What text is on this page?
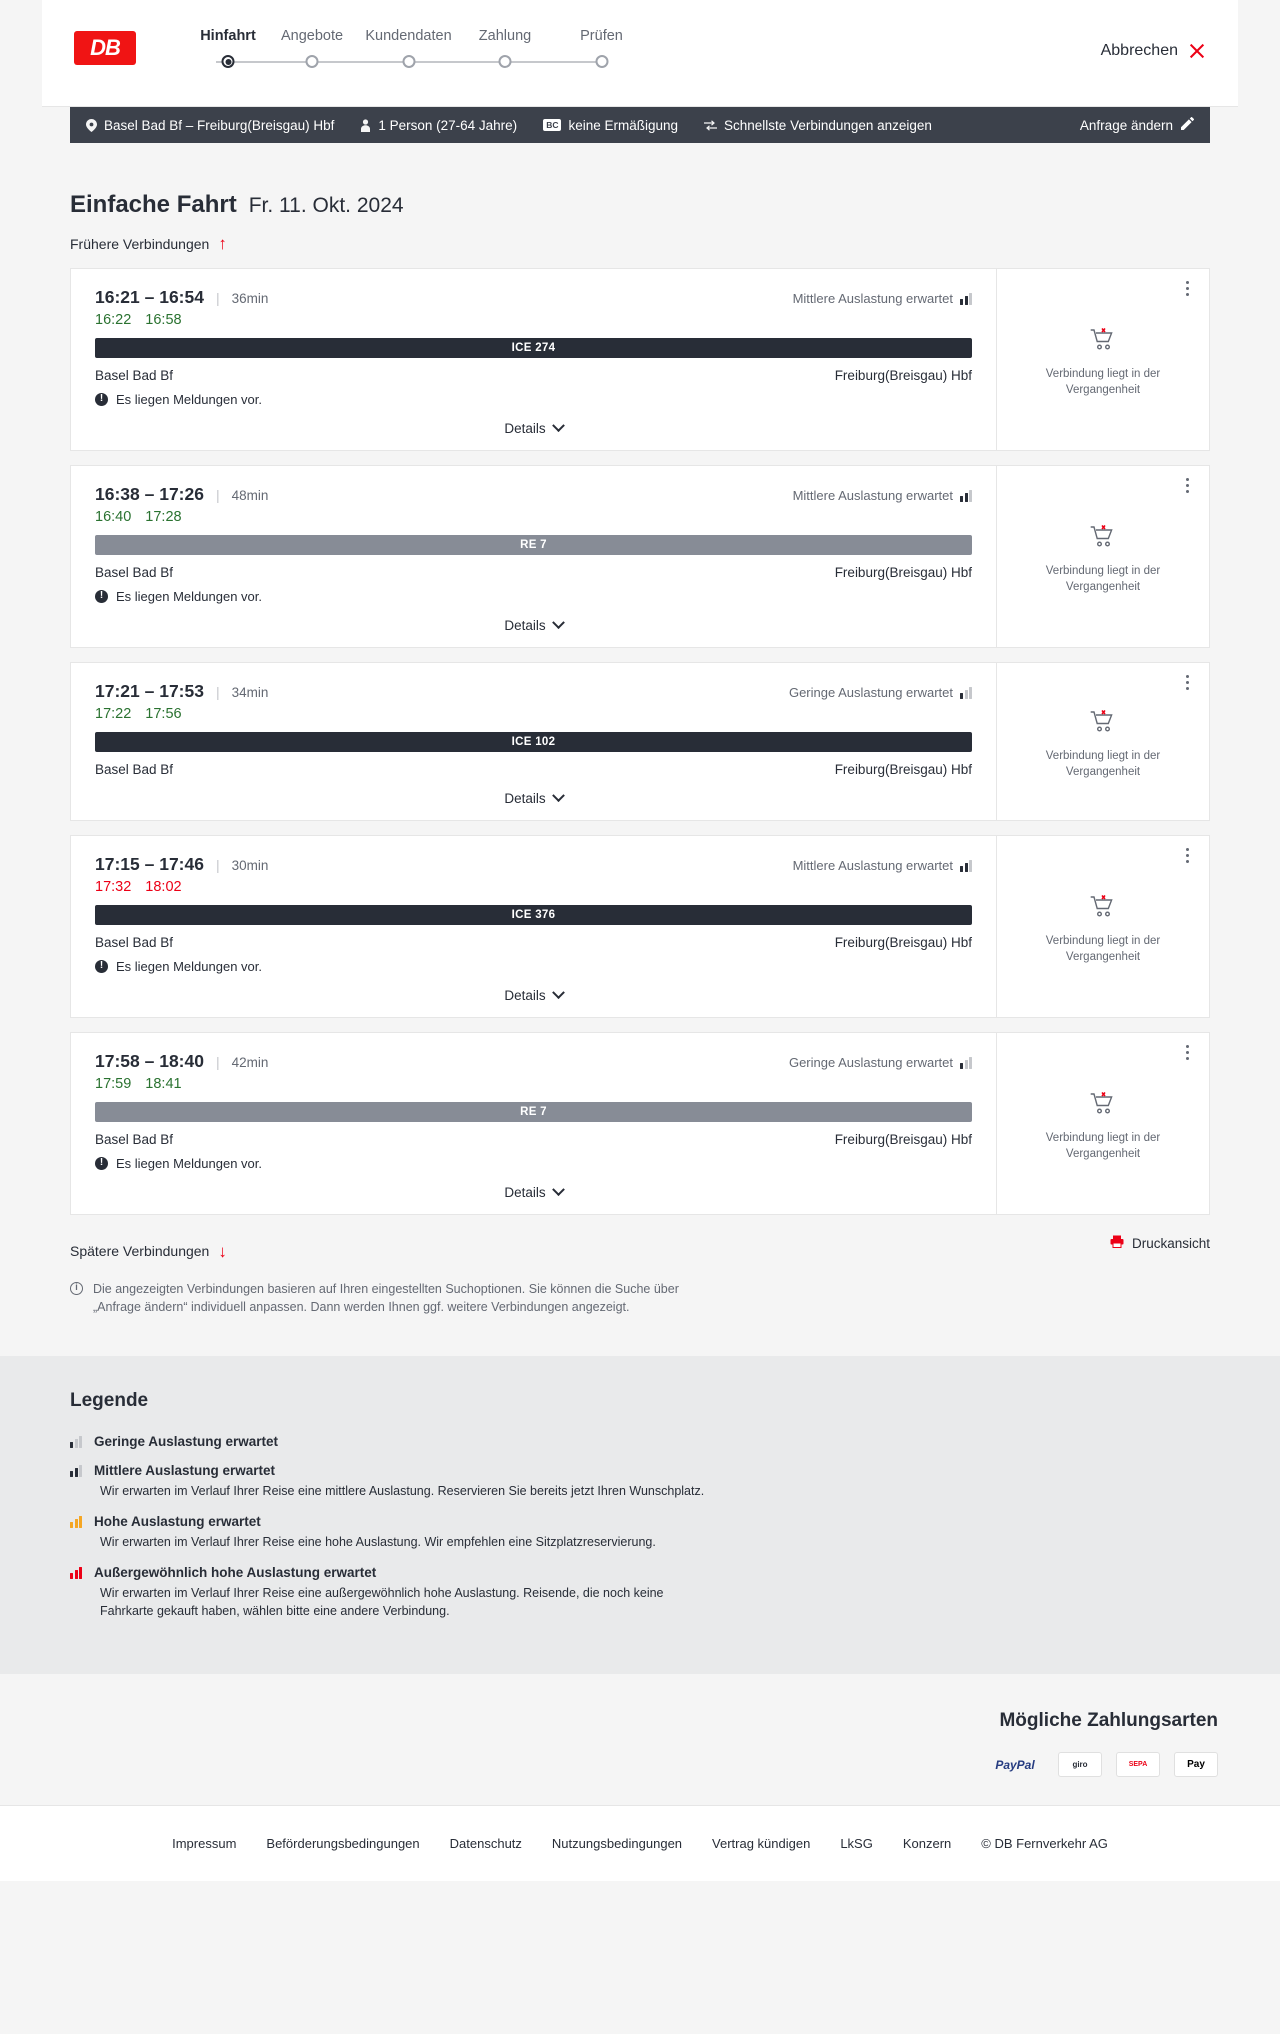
DB	Hinfahrt	Angebote	Kundendaten	Zahlung	Prüfen
Abbrechen
Basel Bad Bf – Freiburg(Breisgau) Hbf	1 Person (27-64 Jahre)	BC keine Ermäßigung	Schnellste Verbindungen anzeigen	Anfrage ändern
Einfache Fahrt Fr. 11. Okt. 2024
Frühere Verbindungen ↑
16:21 – 16:54 | 36min	Mittlere Auslastung erwartet
16:22 16:58
ICE 274
Basel Bad Bf	Freiburg(Breisgau) Hbf
! Es liegen Meldungen vor.
Details
Verbindung liegt in der Vergangenheit
16:38 – 17:26 | 48min	Mittlere Auslastung erwartet
16:40 17:28
RE 7
Basel Bad Bf	Freiburg(Breisgau) Hbf
! Es liegen Meldungen vor.
Details
Verbindung liegt in der Vergangenheit
17:21 – 17:53 | 34min	Geringe Auslastung erwartet
17:22 17:56
ICE 102
Basel Bad Bf	Freiburg(Breisgau) Hbf
Details
Verbindung liegt in der Vergangenheit
17:15 – 17:46 | 30min	Mittlere Auslastung erwartet
17:32 18:02
ICE 376
Basel Bad Bf	Freiburg(Breisgau) Hbf
! Es liegen Meldungen vor.
Details
Verbindung liegt in der Vergangenheit
17:58 – 18:40 | 42min	Geringe Auslastung erwartet
17:59 18:41
RE 7
Basel Bad Bf	Freiburg(Breisgau) Hbf
! Es liegen Meldungen vor.
Details
Verbindung liegt in der Vergangenheit
Spätere Verbindungen ↓	Druckansicht
i	Die angezeigten Verbindungen basieren auf Ihren eingestellten Suchoptionen. Sie können die Suche über „Anfrage ändern“ individuell anpassen. Dann werden Ihnen ggf. weitere Verbindungen angezeigt.
Legende
Geringe Auslastung erwartet
Mittlere Auslastung erwartet
Wir erwarten im Verlauf Ihrer Reise eine mittlere Auslastung. Reservieren Sie bereits jetzt Ihren Wunschplatz.
Hohe Auslastung erwartet
Wir erwarten im Verlauf Ihrer Reise eine hohe Auslastung. Wir empfehlen eine Sitzplatzreservierung.
Außergewöhnlich hohe Auslastung erwartet
Wir erwarten im Verlauf Ihrer Reise eine außergewöhnlich hohe Auslastung. Reisende, die noch keine Fahrkarte gekauft haben, wählen bitte eine andere Verbindung.
Mögliche Zahlungsarten
PayPal	giro	SEPA	Pay
Impressum Beförderungsbedingungen Datenschutz Nutzungsbedingungen Vertrag kündigen LkSG Konzern © DB Fernverkehr AG
